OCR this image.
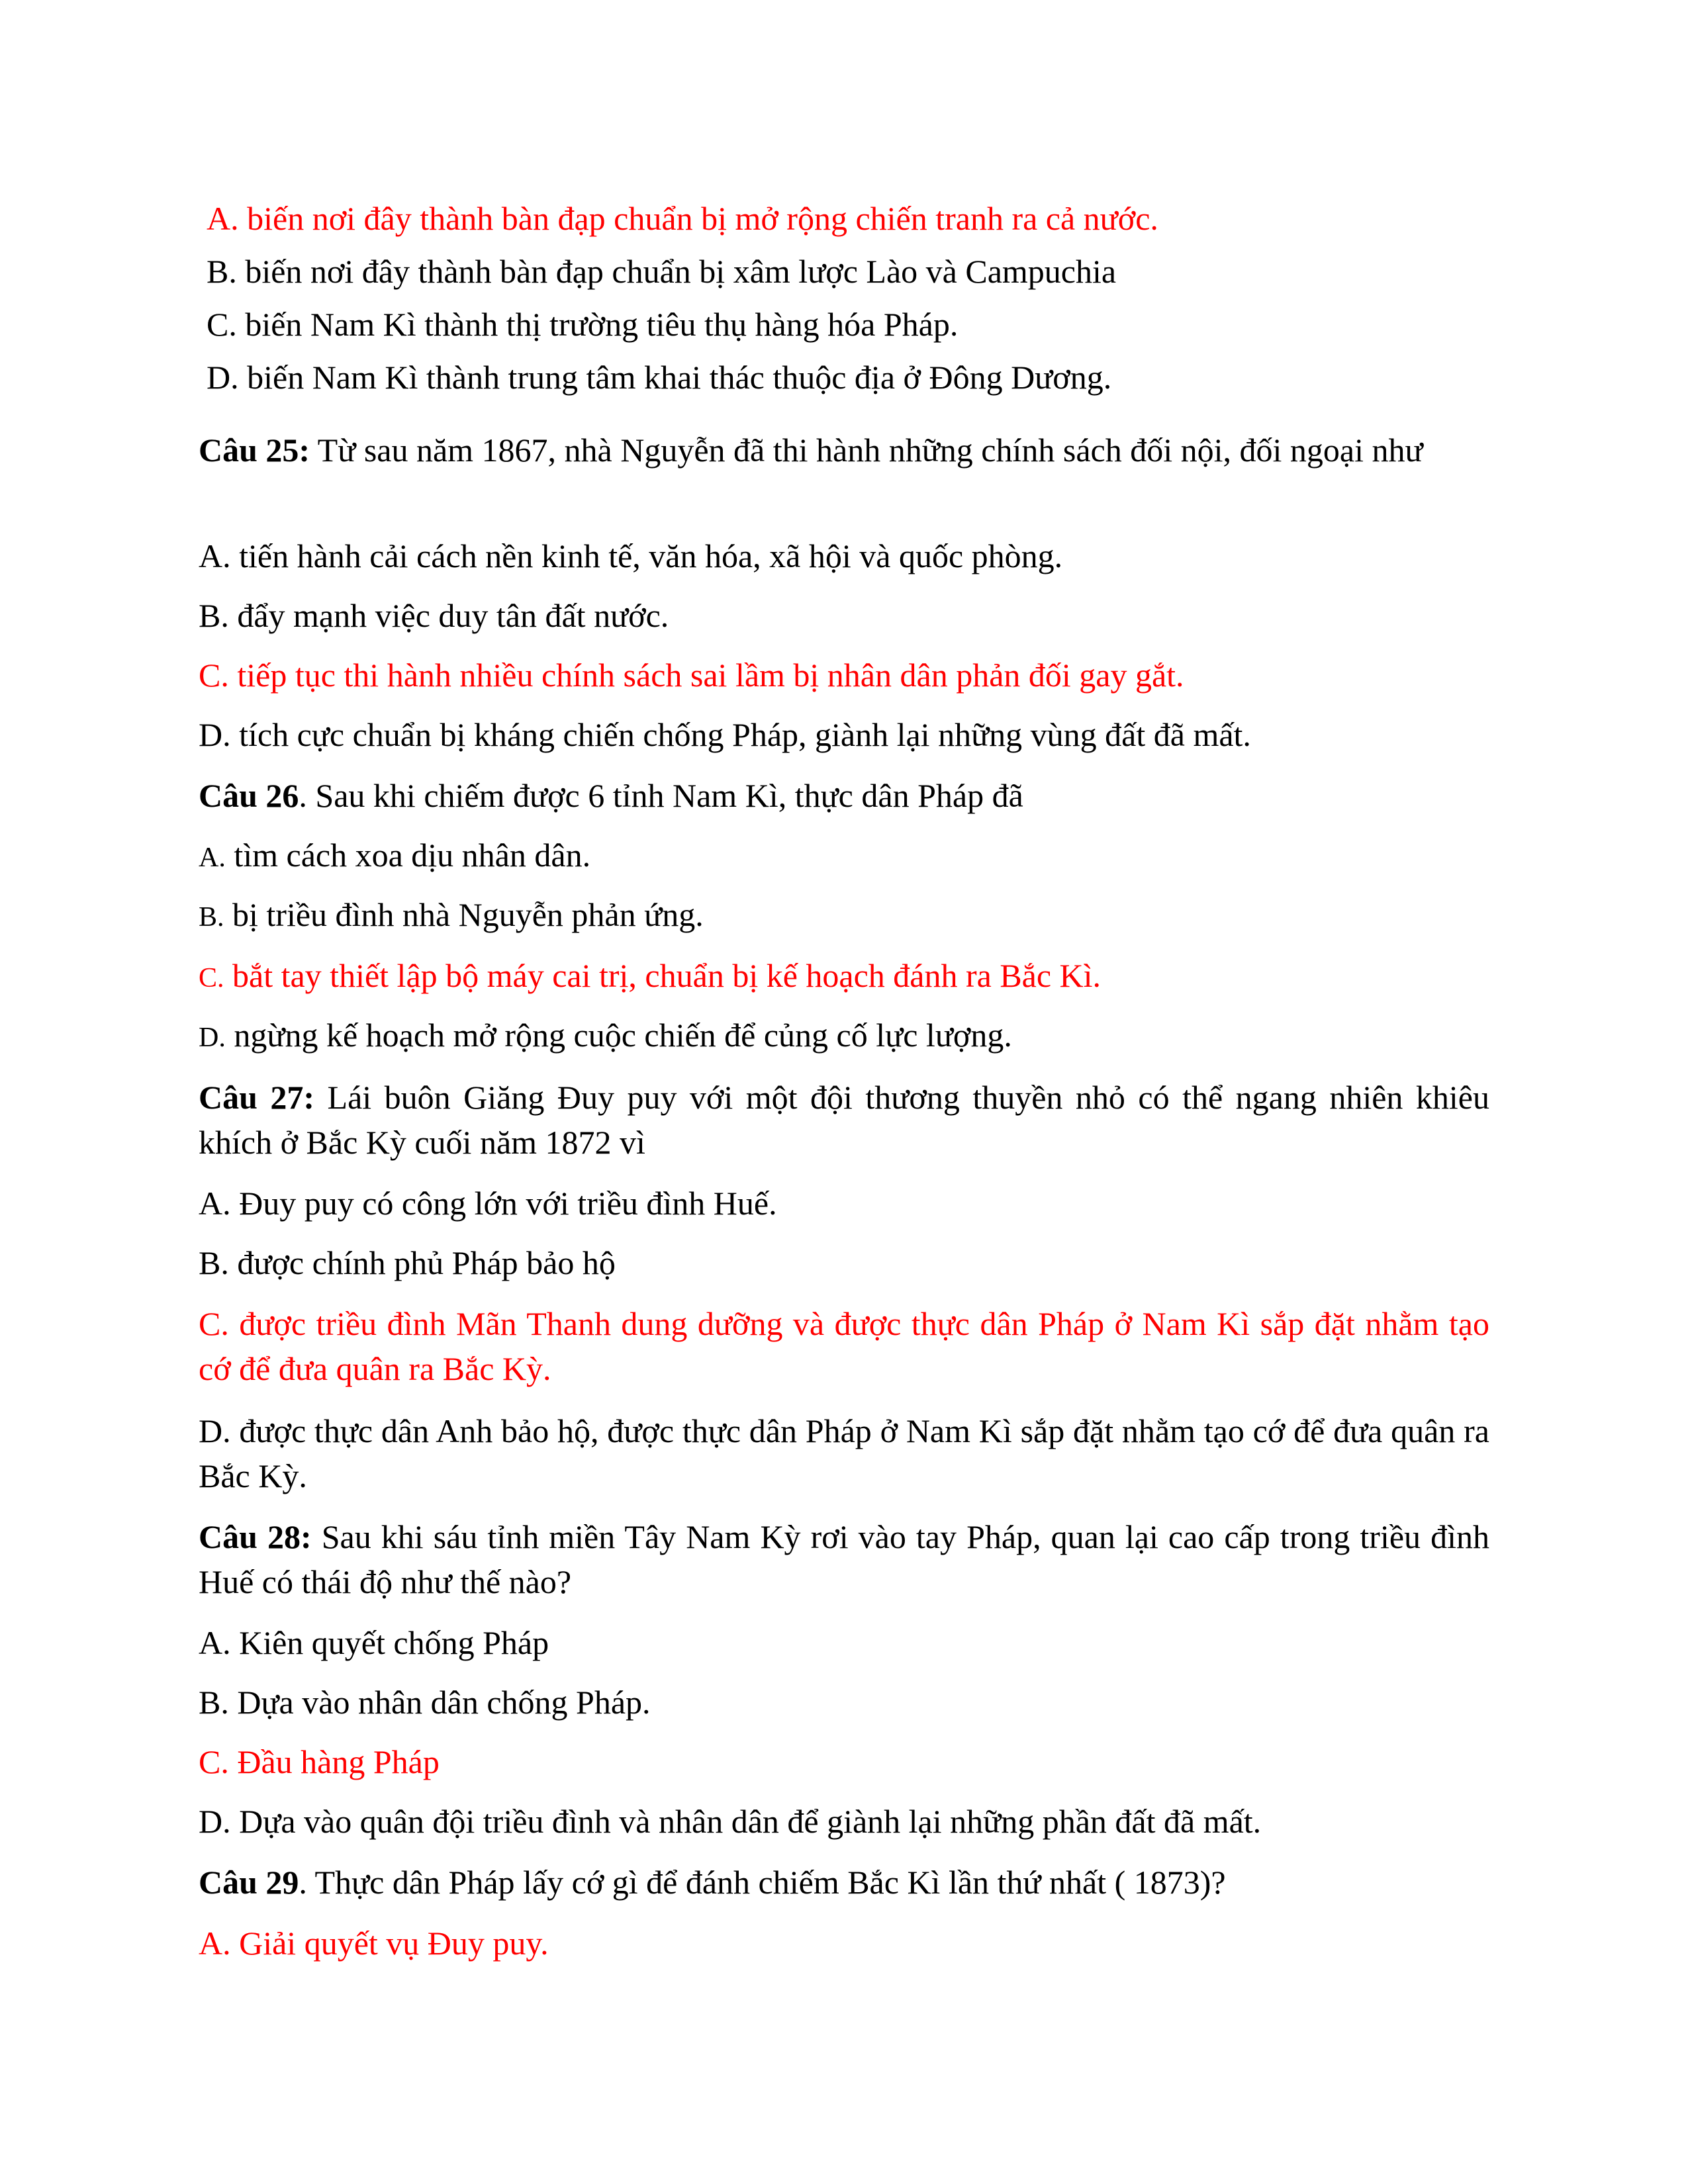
A. biến nơi đây thành bàn đạp chuẩn bị mở rộng chiến tranh ra cả nước.
B. biến nơi đây thành bàn đạp chuẩn bị xâm lược Lào và Campuchia
C. biến Nam Kì thành thị trường tiêu thụ hàng hóa Pháp.
D. biến Nam Kì thành trung tâm khai thác thuộc địa ở Đông Dương.
Câu 25: Từ sau năm 1867, nhà Nguyễn đã thi hành những chính sách đối nội, đối ngoại như
A. tiến hành cải cách nền kinh tế, văn hóa, xã hội và quốc phòng.
B. đẩy mạnh việc duy tân đất nước.
C. tiếp tục thi hành nhiều chính sách sai lầm bị nhân dân phản đối gay gắt.
D. tích cực chuẩn bị kháng chiến chống Pháp, giành lại những vùng đất đã mất.
Câu 26. Sau khi chiếm được 6 tỉnh Nam Kì, thực dân Pháp đã
A. tìm cách xoa dịu nhân dân.
B. bị triều đình nhà Nguyễn phản ứng.
C. bắt tay thiết lập bộ máy cai trị, chuẩn bị kế hoạch đánh ra Bắc Kì.
D. ngừng kế hoạch mở rộng cuộc chiến để củng cố lực lượng.
Câu 27: Lái buôn Giăng Đuy puy với một đội thương thuyền nhỏ có thể ngang nhiên khiêu khích ở Bắc Kỳ cuối năm 1872 vì
A. Đuy puy có công lớn với triều đình Huế.
B. được chính phủ Pháp bảo hộ
C. được triều đình Mãn Thanh dung dưỡng và được thực dân Pháp ở Nam Kì sắp đặt nhằm tạo cớ để đưa quân ra Bắc Kỳ.
D. được thực dân Anh bảo hộ, được thực dân Pháp ở Nam Kì sắp đặt nhằm tạo cớ để đưa quân ra Bắc Kỳ.
Câu 28: Sau khi sáu tỉnh miền Tây Nam Kỳ rơi vào tay Pháp, quan lại cao cấp trong triều đình Huế có thái độ như thế nào?
A. Kiên quyết chống Pháp
B. Dựa vào nhân dân chống Pháp.
C. Đầu hàng Pháp
D. Dựa vào quân đội triều đình và nhân dân để giành lại những phần đất đã mất.
Câu 29. Thực dân Pháp lấy cớ gì để đánh chiếm Bắc Kì lần thứ nhất ( 1873)?
A. Giải quyết vụ Đuy puy.
